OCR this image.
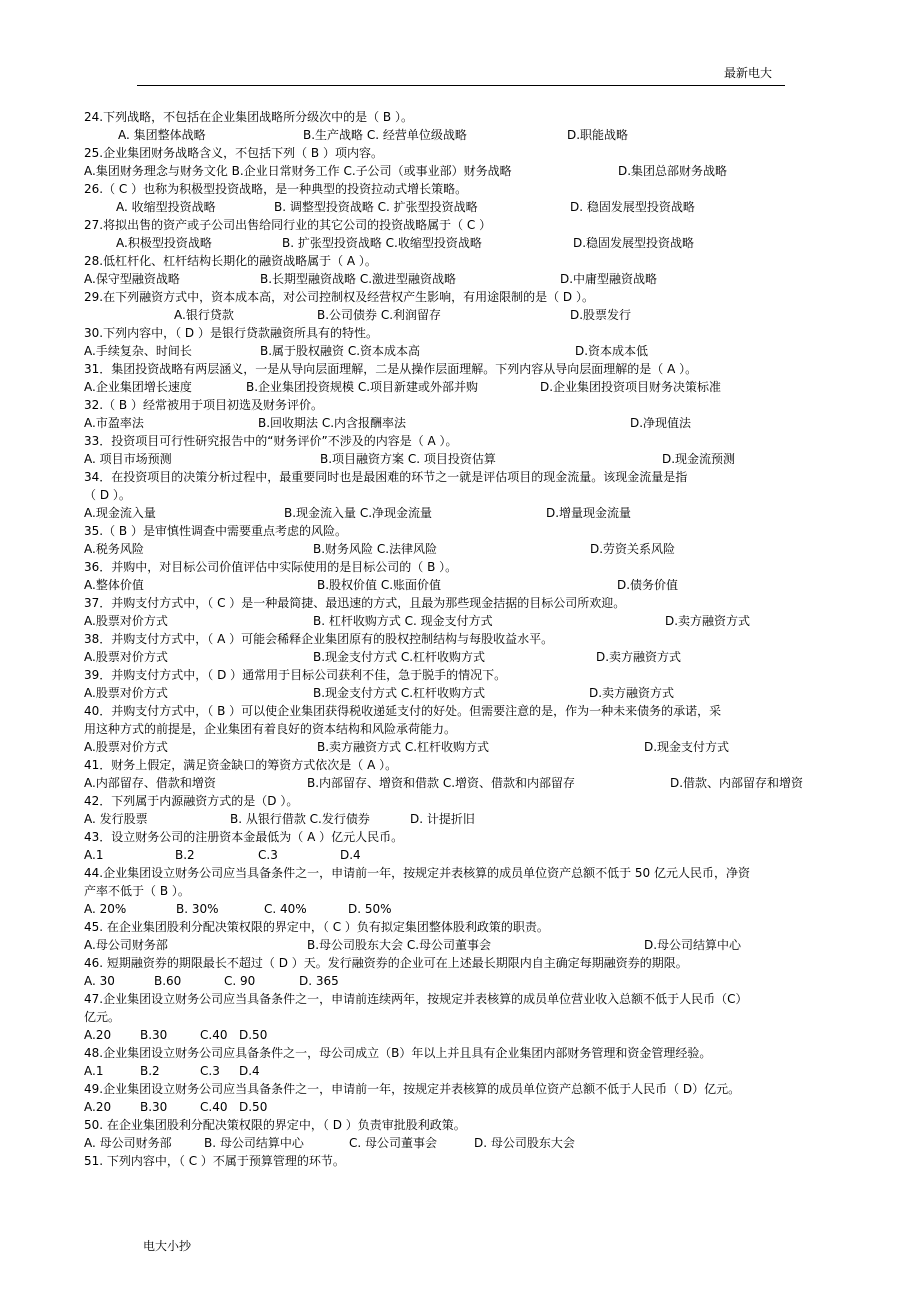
最新电大
24.下列战略，不包括在企业集团战略所分级次中的是（ B ）。
A. 集团整体战略	B.生产战略 C. 经营单位级战略	D.职能战略
25.企业集团财务战略含义，不包括下列（ B ）项内容。
A.集团财务理念与财务文化 B.企业日常财务工作 C.子公司（或事业部）财务战略	D.集团总部财务战略
26.（ C ）也称为积极型投资战略，是一种典型的投资拉动式增长策略。
A. 收缩型投资战略	B. 调整型投资战略 C. 扩张型投资战略	D. 稳固发展型投资战略
27.将拟出售的资产或子公司出售给同行业的其它公司的投资战略属于（ C ）
A.积极型投资战略	B. 扩张型投资战略 C.收缩型投资战略	D.稳固发展型投资战略
28.低杠杆化、杠杆结构长期化的融资战略属于（ A ）。
A.保守型融资战略	B.长期型融资战略 C.激进型融资战略	D.中庸型融资战略
29.在下列融资方式中，资本成本高，对公司控制权及经营权产生影响，有用途限制的是（ D ）。
A.银行贷款	B.公司债券 C.利润留存	D.股票发行
30.下列内容中，（ D ）是银行贷款融资所具有的特性。
A.手续复杂、时间长	B.属于股权融资 C.资本成本高	D.资本成本低
31．集团投资战略有两层涵义，一是从导向层面理解，二是从操作层面理解。下列内容从导向层面理解的是（ A ）。
A.企业集团增长速度	B.企业集团投资规模 C.项目新建或外部并购	D.企业集团投资项目财务决策标准
32.（ B ）经常被用于项目初选及财务评价。
A.市盈率法	B.回收期法 C.内含报酬率法	D.净现值法
33．投资项目可行性研究报告中的“财务评价”不涉及的内容是（ A ）。
A. 项目市场预测	B.项目融资方案 C. 项目投资估算	D.现金流预测
34．在投资项目的决策分析过程中，最重要同时也是最困难的环节之一就是评估项目的现金流量。该现金流量是指
（ D ）。
A.现金流入量	B.现金流入量 C.净现金流量	D.增量现金流量
35.（ B ）是审慎性调查中需要重点考虑的风险。
A.税务风险	B.财务风险 C.法律风险	D.劳资关系风险
36．并购中，对目标公司价值评估中实际使用的是目标公司的（ B ）。
A.整体价值	B.股权价值 C.账面价值	D.债务价值
37．并购支付方式中，（ C ）是一种最简捷、最迅速的方式，且最为那些现金拮据的目标公司所欢迎。
A.股票对价方式	B. 杠杆收购方式 C. 现金支付方式	D.卖方融资方式
38．并购支付方式中，（ A ）可能会稀释企业集团原有的股权控制结构与每股收益水平。
A.股票对价方式	B.现金支付方式 C.杠杆收购方式	D.卖方融资方式
39．并购支付方式中，（ D ）通常用于目标公司获利不佳，急于脱手的情况下。
A.股票对价方式	B.现金支付方式 C.杠杆收购方式	D.卖方融资方式
40．并购支付方式中，（ B ）可以使企业集团获得税收递延支付的好处。但需要注意的是，作为一种未来债务的承诺，采
用这种方式的前提是，企业集团有着良好的资本结构和风险承荷能力。
A.股票对价方式	B.卖方融资方式 C.杠杆收购方式	D.现金支付方式
41．财务上假定，满足资金缺口的筹资方式依次是（ A ）。
A.内部留存、借款和增资	B.内部留存、增资和借款 C.增资、借款和内部留存	D.借款、内部留存和增资
42．下列属于内源融资方式的是（D ）。
A. 发行股票	B. 从银行借款 C.发行债券	D. 计提折旧
43．设立财务公司的注册资本金最低为（ A ）亿元人民币。
A.1	B.2	C.3	D.4
44.企业集团设立财务公司应当具备条件之一，申请前一年，按规定并表核算的成员单位资产总额不低于 50 亿元人民币，净资
产率不低于（ B ）。
A. 20%	B. 30%	C. 40%	D. 50%
45. 在企业集团股利分配决策权限的界定中，（ C ）负有拟定集团整体股利政策的职责。
A.母公司财务部	B.母公司股东大会 C.母公司董事会	D.母公司结算中心
46. 短期融资券的期限最长不超过（ D ）天。发行融资券的企业可在上述最长期限内自主确定每期融资券的期限。
A. 30	B.60	C. 90	D. 365
47.企业集团设立财务公司应当具备条件之一，申请前连续两年，按规定并表核算的成员单位营业收入总额不低于人民币（C）
亿元。
A.20 B.30	C.40 D.50
48.企业集团设立财务公司应具备条件之一，母公司成立（B）年以上并且具有企业集团内部财务管理和资金管理经验。
A.1	B.2	C.3 D.4
49.企业集团设立财务公司应当具备条件之一，申请前一年，按规定并表核算的成员单位资产总额不低于人民币（ D）亿元。
A.20 B.30	C.40 D.50
50. 在企业集团股利分配决策权限的界定中，（ D ）负责审批股利政策。
A. 母公司财务部	B. 母公司结算中心	C. 母公司董事会	D. 母公司股东大会
51. 下列内容中，（ C ）不属于预算管理的环节。
电大小抄
